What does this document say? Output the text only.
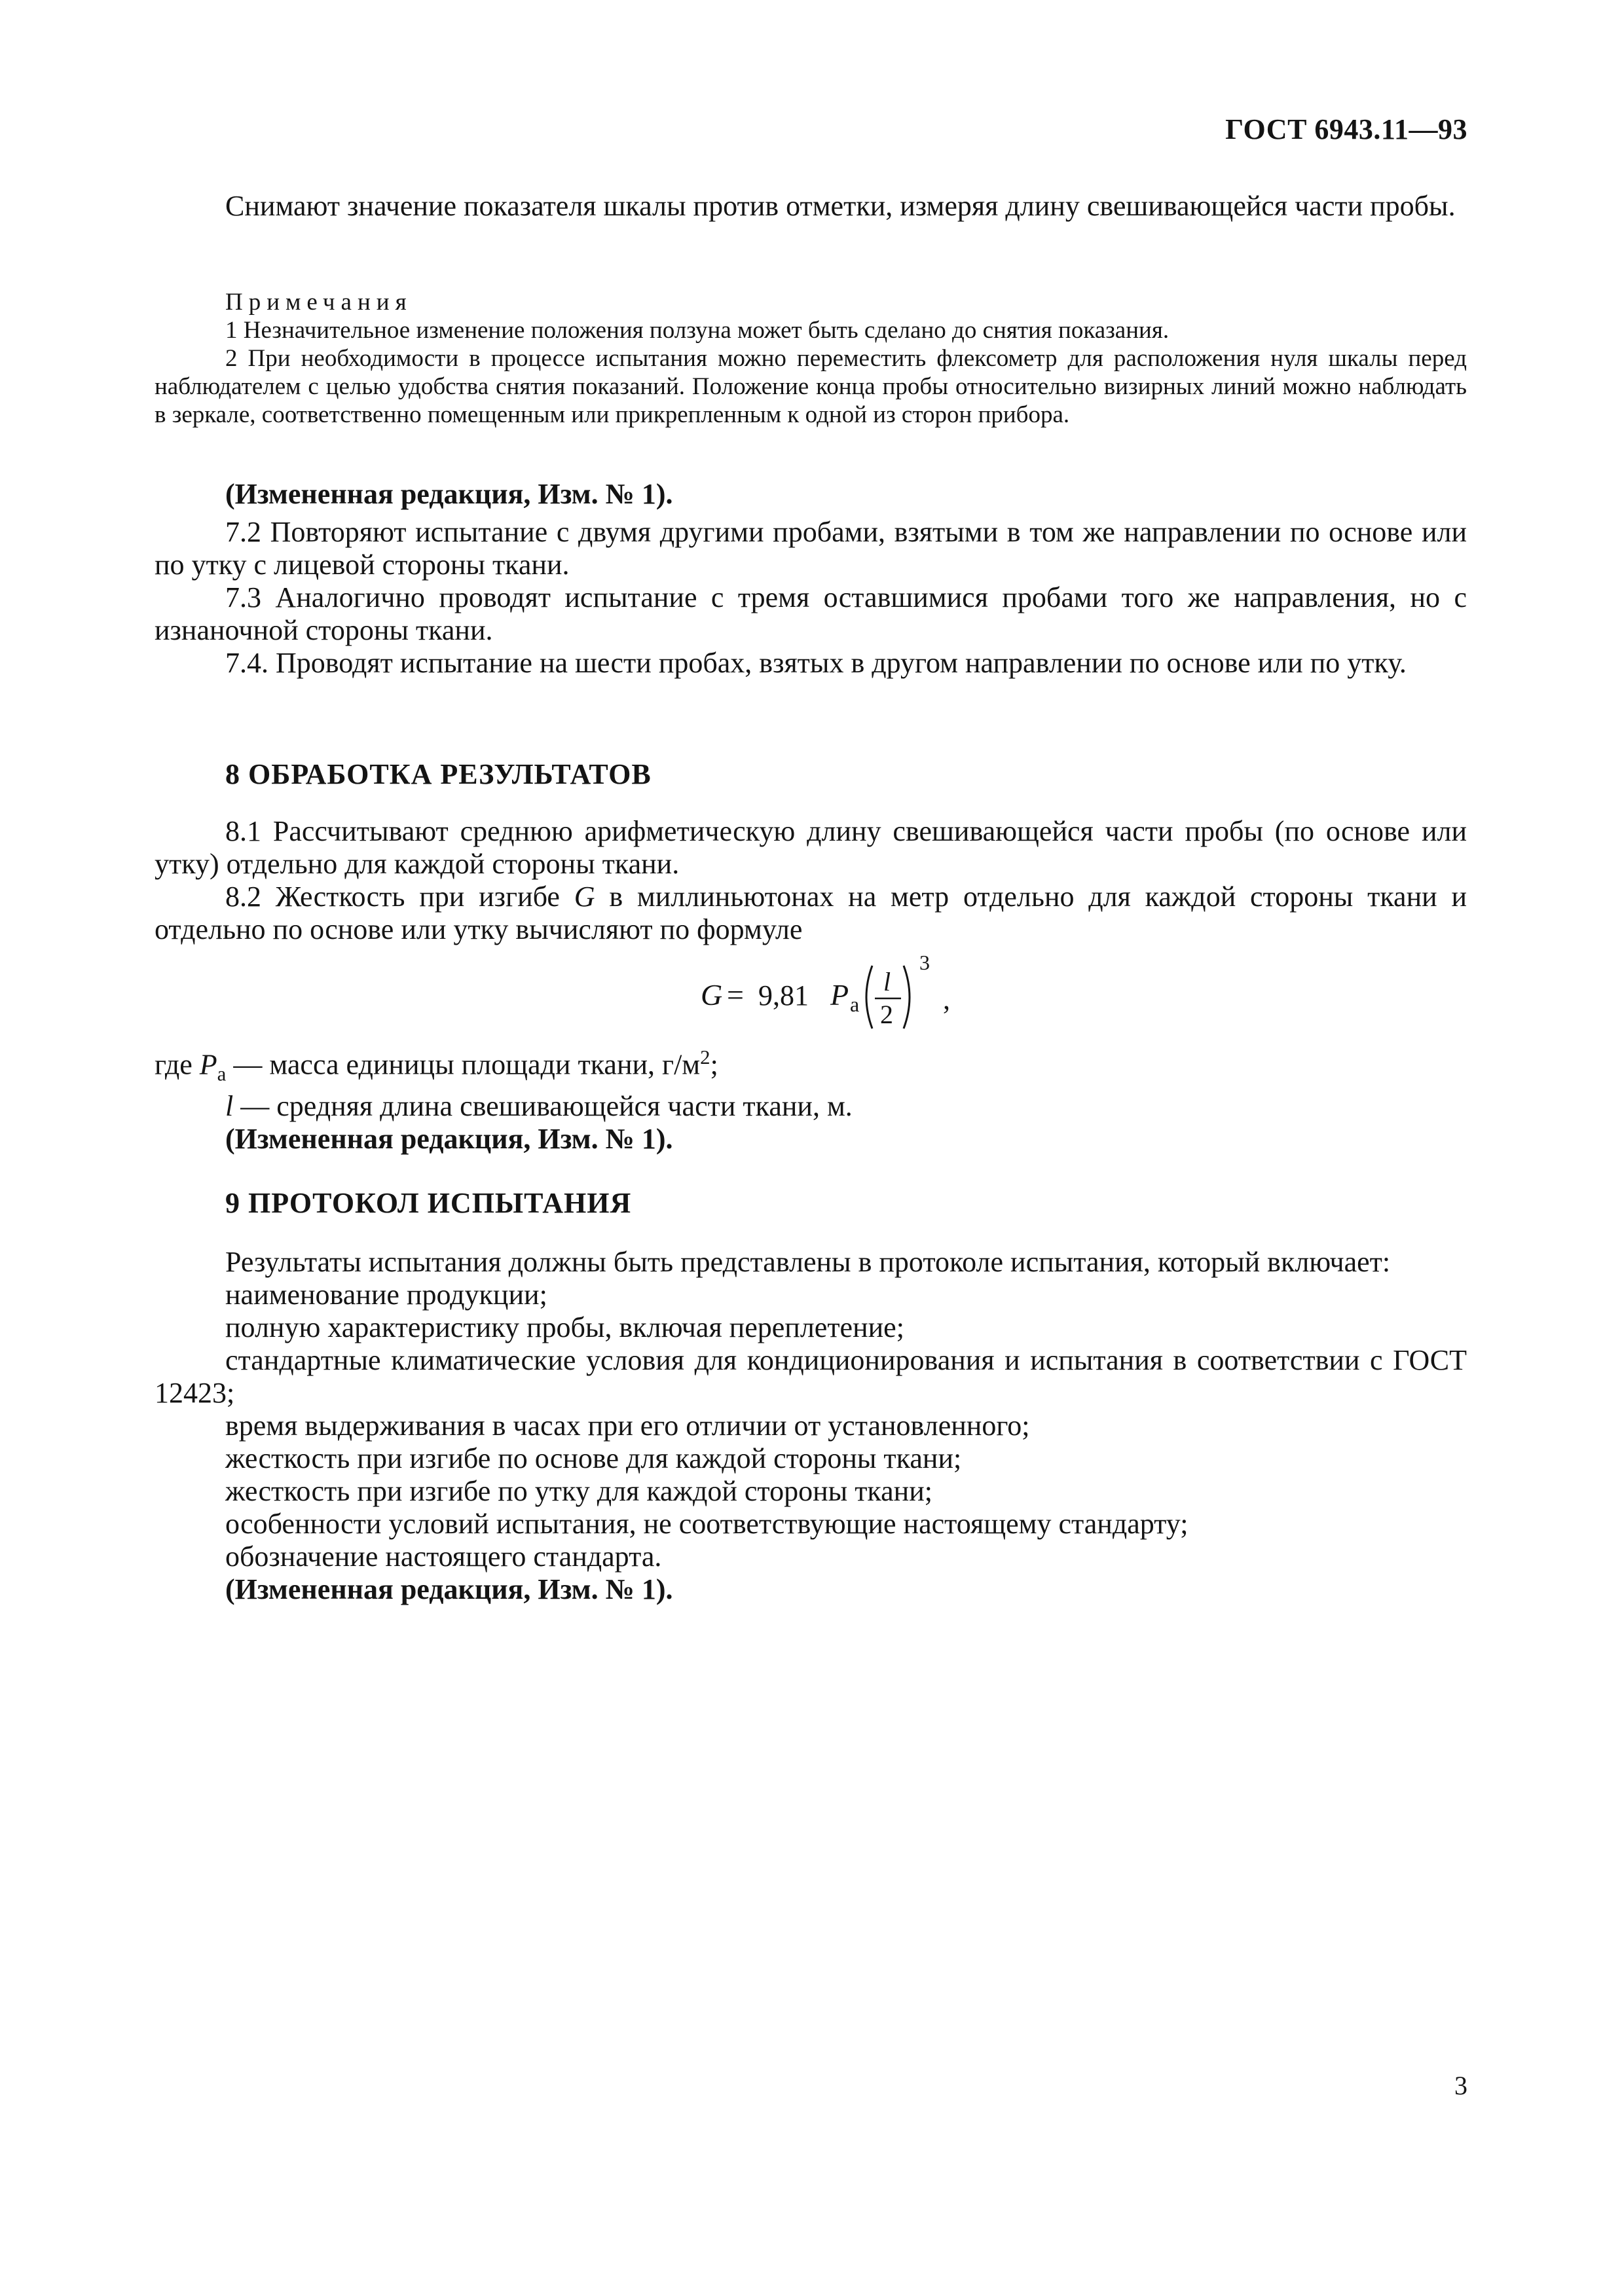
ГОСТ 6943.11—93

Снимают значение показателя шкалы против отметки, измеряя длину свешивающейся части пробы.

Примечания

1 Незначительное изменение положения ползуна может быть сделано до снятия показания.

2 При необходимости в процессе испытания можно переместить флексометр для расположения нуля шкалы перед наблюдателем с целью удобства снятия показаний. Положение конца пробы относительно визирных линий можно наблюдать в зеркале, соответственно помещенным или прикрепленным к одной из сторон прибора.

(Измененная редакция, Изм. № 1).

7.2 Повторяют испытание с двумя другими пробами, взятыми в том же направлении по основе или по утку с лицевой стороны ткани.

7.3 Аналогично проводят испытание с тремя оставшимися пробами того же направления, но с изнаночной стороны ткани.

7.4. Проводят испытание на шести пробах, взятых в другом направлении по основе или по утку.

8 ОБРАБОТКА РЕЗУЛЬТАТОВ

8.1 Рассчитывают среднюю арифметическую длину свешивающейся части пробы (по основе или утку) отдельно для каждой стороны ткани.

8.2 Жесткость при изгибе G в миллиньютонах на метр отдельно для каждой стороны ткани и отдельно по основе или утку вычисляют по формуле

G = 9,81 P a
l
2
3
,

где $P_a$ — масса единицы площади ткани, $г/м^2$;

l — средняя длина свешивающейся части ткани, м.

(Измененная редакция, Изм. № 1).

9 ПРОТОКОЛ ИСПЫТАНИЯ

Результаты испытания должны быть представлены в протоколе испытания, который включает:

наименование продукции;

полную характеристику пробы, включая переплетение;

стандартные климатические условия для кондиционирования и испытания в соответствии с ГОСТ 12423;

время выдерживания в часах при его отличии от установленного;

жесткость при изгибе по основе для каждой стороны ткани;

жесткость при изгибе по утку для каждой стороны ткани;

особенности условий испытания, не соответствующие настоящему стандарту;

обозначение настоящего стандарта.

(Измененная редакция, Изм. № 1).

3
